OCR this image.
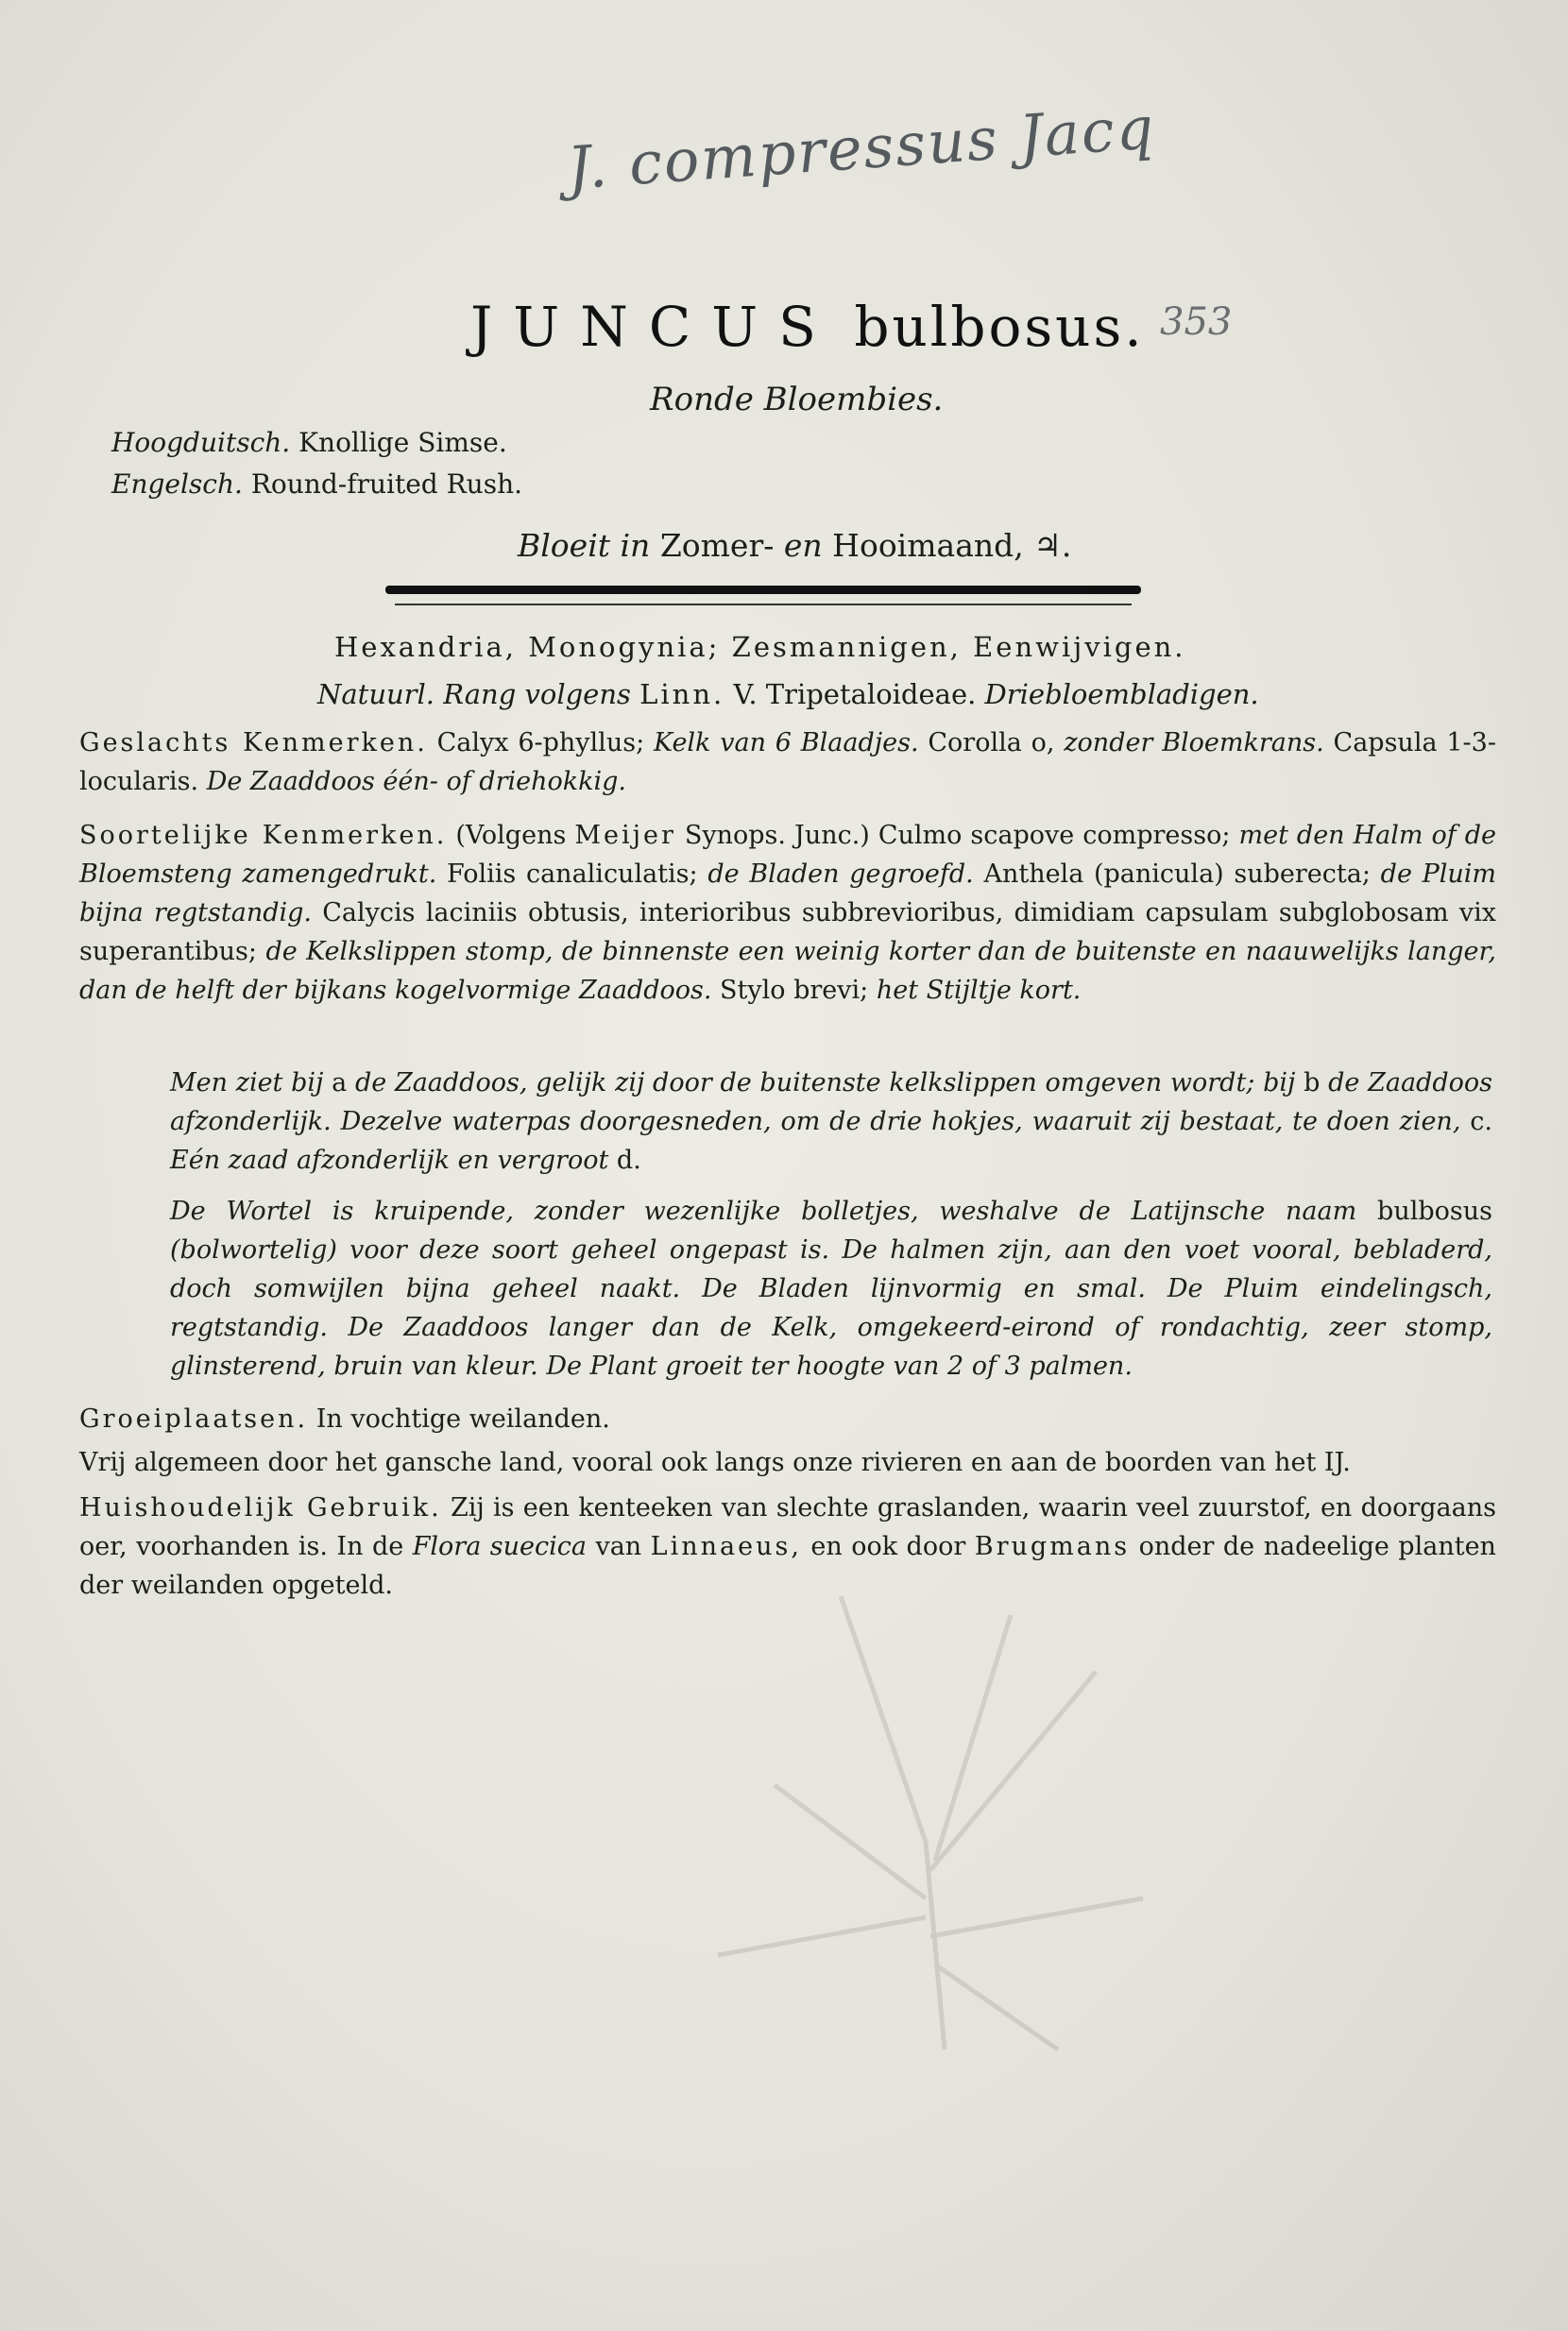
J. compressus Jacq
353
JUNCUS bulbosus.
Ronde Bloembies.
Hoogduitsch. Knollige Simse.
Engelsch. Round-fruited Rush.
Bloeit in Zomer- en Hooimaand, ♃.
Hexandria, Monogynia; Zesmannigen, Eenwijvigen.
Natuurl. Rang volgens Linn. V. Tripetaloideae. Driebloembladigen.
Geslachts Kenmerken. Calyx 6-phyllus; Kelk van 6 Blaadjes. Corolla o, zonder Bloemkrans. Capsula 1-3-locularis. De Zaaddoos één- of driehokkig.
Soortelijke Kenmerken. (Volgens Meijer Synops. Junc.) Culmo scapove compresso; met den Halm of de Bloemsteng zamengedrukt. Foliis canaliculatis; de Bladen gegroefd. Anthela (panicula) suberecta; de Pluim bijna regtstandig. Calycis laciniis obtusis, interioribus subbrevioribus, dimidiam capsulam subglobosam vix superantibus; de Kelkslippen stomp, de binnenste een weinig korter dan de buitenste en naauwelijks langer, dan de helft der bijkans kogelvormige Zaaddoos. Stylo brevi; het Stijltje kort.
Men ziet bij a de Zaaddoos, gelijk zij door de buitenste kelkslippen omgeven wordt; bij b de Zaaddoos afzonderlijk. Dezelve waterpas doorgesneden, om de drie hokjes, waaruit zij bestaat, te doen zien, c. Eén zaad afzonderlijk en vergroot d.
De Wortel is kruipende, zonder wezenlijke bolletjes, weshalve de Latijnsche naam bulbosus (bolwortelig) voor deze soort geheel ongepast is. De halmen zijn, aan den voet vooral, bebladerd, doch somwijlen bijna geheel naakt. De Bladen lijnvormig en smal. De Pluim eindelingsch, regtstandig. De Zaaddoos langer dan de Kelk, omgekeerd-eirond of rondachtig, zeer stomp, glinsterend, bruin van kleur. De Plant groeit ter hoogte van 2 of 3 palmen.
Groeiplaatsen. In vochtige weilanden.
Vrij algemeen door het gansche land, vooral ook langs onze rivieren en aan de boorden van het IJ.
Huishoudelijk Gebruik. Zij is een kenteeken van slechte graslanden, waarin veel zuurstof, en doorgaans oer, voorhanden is. In de Flora suecica van Linnaeus, en ook door Brugmans onder de nadeelige planten der weilanden opgeteld.
